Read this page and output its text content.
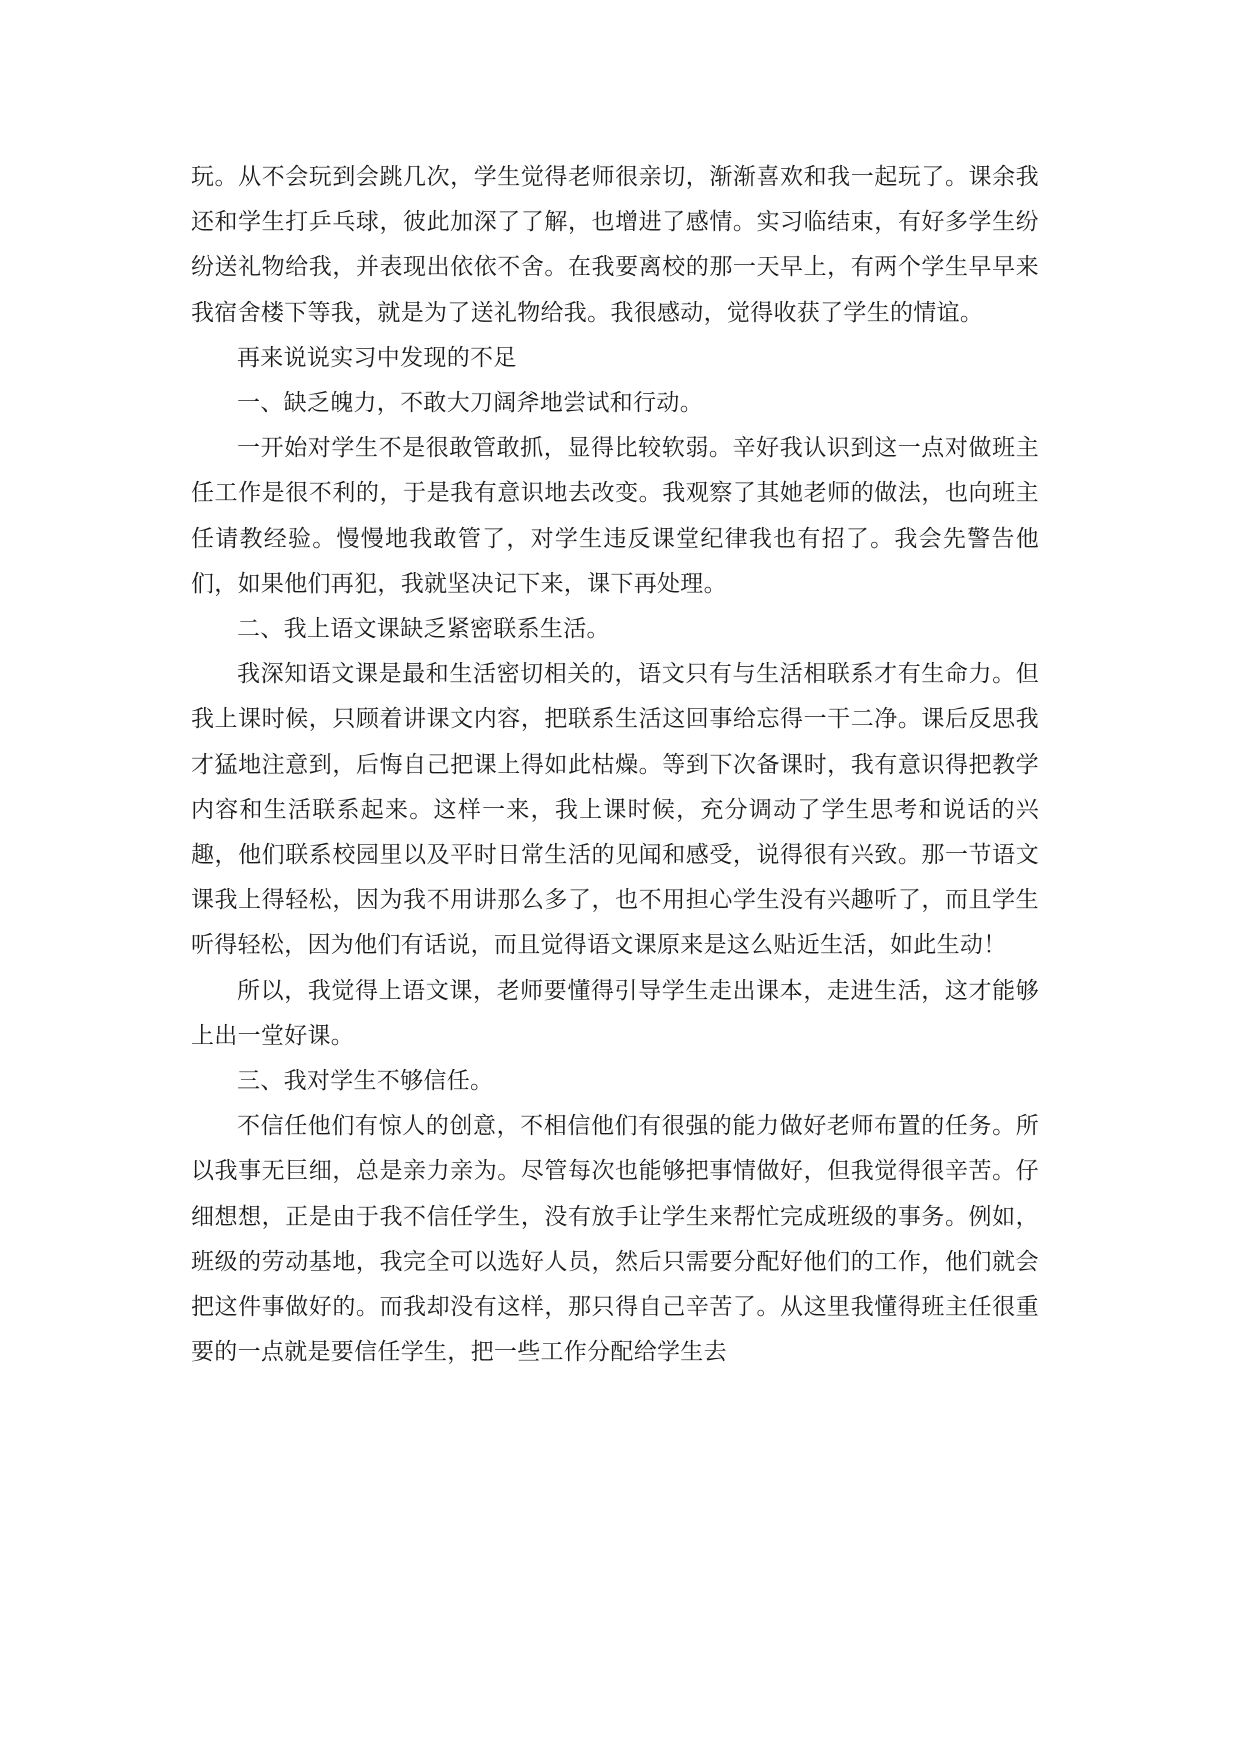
玩。从不会玩到会跳几次，学生觉得老师很亲切，渐渐喜欢和我一起玩了。课余我还和学生打乒乓球，彼此加深了了解，也增进了感情。实习临结束，有好多学生纷纷送礼物给我，并表现出依依不舍。在我要离校的那一天早上，有两个学生早早来我宿舍楼下等我，就是为了送礼物给我。我很感动，觉得收获了学生的情谊。

再来说说实习中发现的不足

一、缺乏魄力，不敢大刀阔斧地尝试和行动。

一开始对学生不是很敢管敢抓，显得比较软弱。辛好我认识到这一点对做班主任工作是很不利的，于是我有意识地去改变。我观察了其她老师的做法，也向班主任请教经验。慢慢地我敢管了，对学生违反课堂纪律我也有招了。我会先警告他们，如果他们再犯，我就坚决记下来，课下再处理。

二、我上语文课缺乏紧密联系生活。

我深知语文课是最和生活密切相关的，语文只有与生活相联系才有生命力。但我上课时候，只顾着讲课文内容，把联系生活这回事给忘得一干二净。课后反思我才猛地注意到，后悔自己把课上得如此枯燥。等到下次备课时，我有意识得把教学内容和生活联系起来。这样一来，我上课时候，充分调动了学生思考和说话的兴趣，他们联系校园里以及平时日常生活的见闻和感受，说得很有兴致。那一节语文课我上得轻松，因为我不用讲那么多了，也不用担心学生没有兴趣听了，而且学生听得轻松，因为他们有话说，而且觉得语文课原来是这么贴近生活，如此生动！

所以，我觉得上语文课，老师要懂得引导学生走出课本，走进生活，这才能够上出一堂好课。

三、我对学生不够信任。

不信任他们有惊人的创意，不相信他们有很强的能力做好老师布置的任务。所以我事无巨细，总是亲力亲为。尽管每次也能够把事情做好，但我觉得很辛苦。仔细想想，正是由于我不信任学生，没有放手让学生来帮忙完成班级的事务。例如，班级的劳动基地，我完全可以选好人员，然后只需要分配好他们的工作，他们就会把这件事做好的。而我却没有这样，那只得自己辛苦了。从这里我懂得班主任很重要的一点就是要信任学生，把一些工作分配给学生去
